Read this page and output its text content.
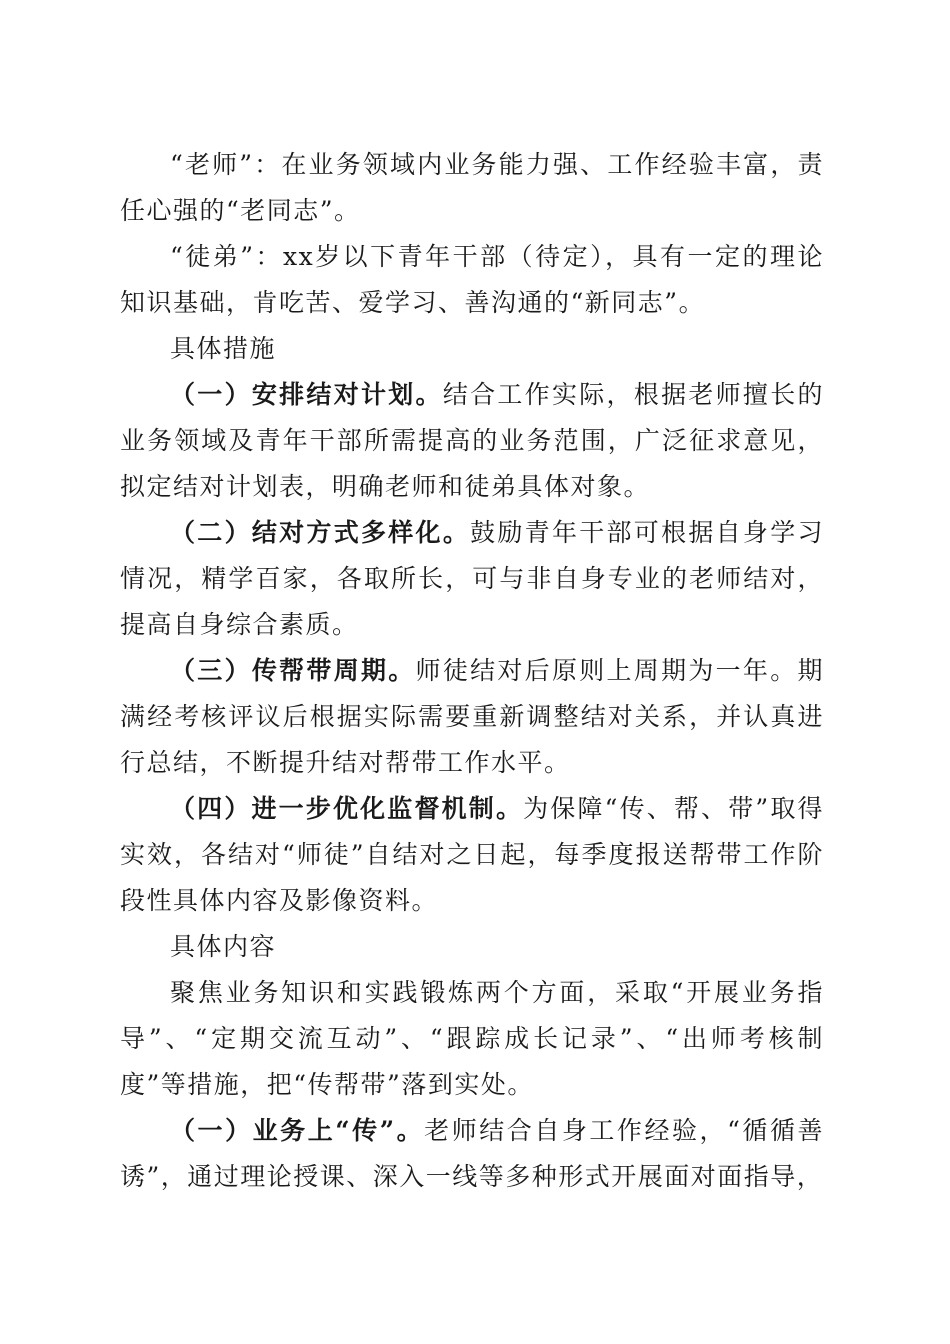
“老师”：在业务领域内业务能力强、工作经验丰富，责任心强的“老同志”。

“徒弟”：xx岁以下青年干部（待定），具有一定的理论知识基础，肯吃苦、爱学习、善沟通的“新同志”。

具体措施

（一）安排结对计划。结合工作实际，根据老师擅长的业务领域及青年干部所需提高的业务范围，广泛征求意见，拟定结对计划表，明确老师和徒弟具体对象。

（二）结对方式多样化。鼓励青年干部可根据自身学习情况，精学百家，各取所长，可与非自身专业的老师结对，提高自身综合素质。

（三）传帮带周期。师徒结对后原则上周期为一年。期满经考核评议后根据实际需要重新调整结对关系，并认真进行总结，不断提升结对帮带工作水平。

（四）进一步优化监督机制。为保障“传、帮、带”取得实效，各结对“师徒”自结对之日起，每季度报送帮带工作阶段性具体内容及影像资料。

具体内容

聚焦业务知识和实践锻炼两个方面，采取“开展业务指导”、“定期交流互动”、“跟踪成长记录”、“出师考核制度”等措施，把“传帮带”落到实处。

（一）业务上“传”。老师结合自身工作经验，“循循善诱”，通过理论授课、深入一线等多种形式开展面对面指导，
